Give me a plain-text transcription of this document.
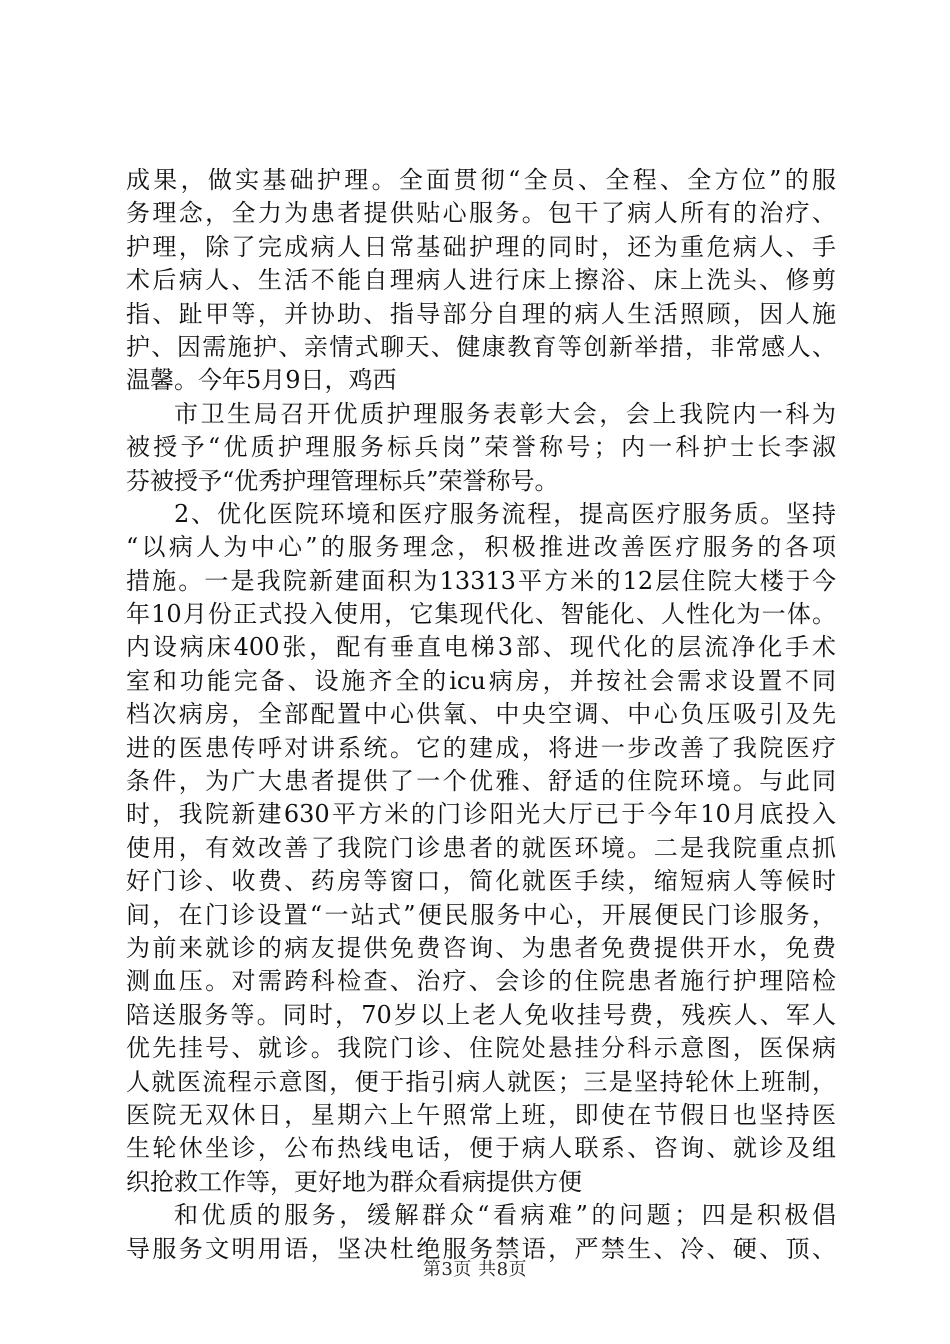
成果，做实基础护理。全面贯彻“全员、全程、全方位”的服
务理念，全力为患者提供贴心服务。包干了病人所有的治疗、
护理，除了完成病人日常基础护理的同时，还为重危病人、手
术后病人、生活不能自理病人进行床上擦浴、床上洗头、修剪
指、趾甲等，并协助、指导部分自理的病人生活照顾，因人施
护、因需施护、亲情式聊天、健康教育等创新举措，非常感人、
温馨。今年5月9日，鸡西
市卫生局召开优质护理服务表彰大会，会上我院内一科为
被授予“优质护理服务标兵岗”荣誉称号；内一科护士长李淑
芬被授予“优秀护理管理标兵”荣誉称号。
2、优化医院环境和医疗服务流程，提高医疗服务质。坚持
“以病人为中心”的服务理念，积极推进改善医疗服务的各项
措施。一是我院新建面积为13313平方米的12层住院大楼于今
年10月份正式投入使用，它集现代化、智能化、人性化为一体。
内设病床400张，配有垂直电梯3部、现代化的层流净化手术
室和功能完备、设施齐全的icu病房，并按社会需求设置不同
档次病房，全部配置中心供氧、中央空调、中心负压吸引及先
进的医患传呼对讲系统。它的建成，将进一步改善了我院医疗
条件，为广大患者提供了一个优雅、舒适的住院环境。与此同
时，我院新建630平方米的门诊阳光大厅已于今年10月底投入
使用，有效改善了我院门诊患者的就医环境。二是我院重点抓
好门诊、收费、药房等窗口，简化就医手续，缩短病人等候时
间，在门诊设置“一站式”便民服务中心，开展便民门诊服务，
为前来就诊的病友提供免费咨询、为患者免费提供开水，免费
测血压。对需跨科检查、治疗、会诊的住院患者施行护理陪检
陪送服务等。同时，70岁以上老人免收挂号费，残疾人、军人
优先挂号、就诊。我院门诊、住院处悬挂分科示意图，医保病
人就医流程示意图，便于指引病人就医；三是坚持轮休上班制，
医院无双休日，星期六上午照常上班，即使在节假日也坚持医
生轮休坐诊，公布热线电话，便于病人联系、咨询、就诊及组
织抢救工作等，更好地为群众看病提供方便
和优质的服务，缓解群众“看病难”的问题；四是积极倡
导服务文明用语，坚决杜绝服务禁语，严禁生、冷、硬、顶、
第3页 共8页
